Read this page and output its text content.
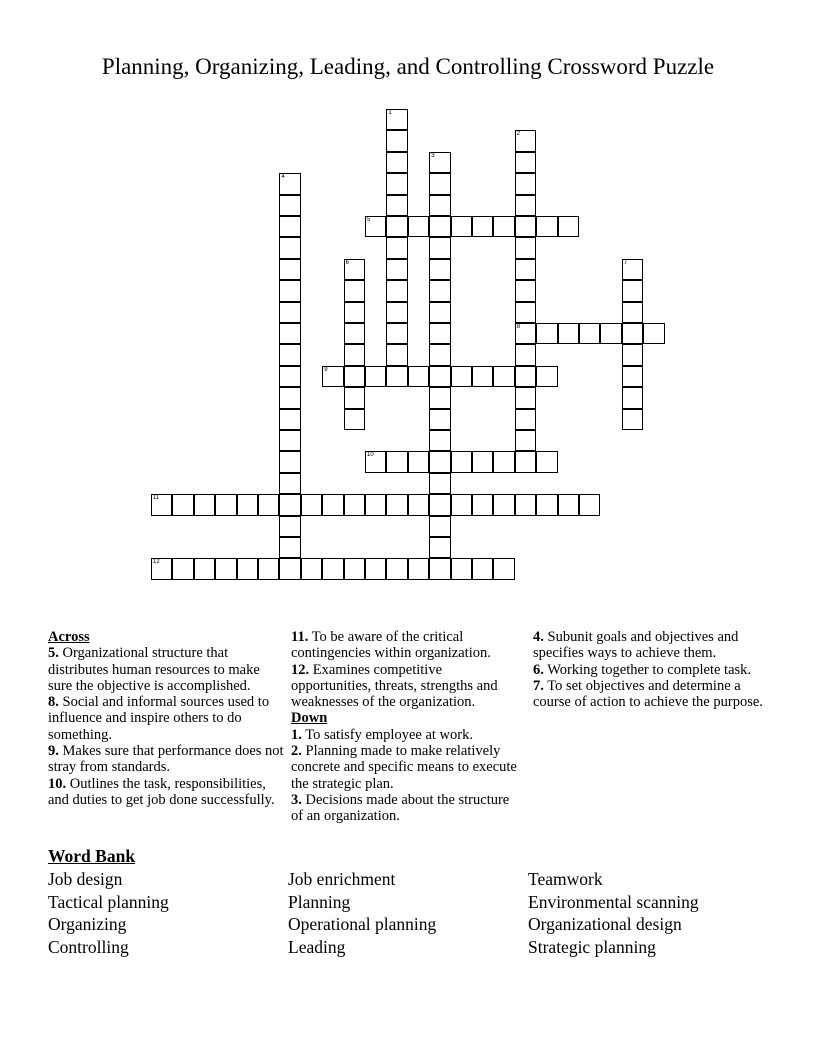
Planning, Organizing, Leading, and Controlling Crossword Puzzle
1
2
8
3
4
5
6	7
9
10
11
12

Across

5. Organizational structure that distributes human resources to make sure the objective is accomplished.

8. Social and informal sources used to influence and inspire others to do something.

9. Makes sure that performance does not stray from standards.

10. Outlines the task, responsibilities, and duties to get job done successfully.

11. To be aware of the critical contingencies within organization.

12. Examines competitive opportunities, threats, strengths and weaknesses of the organization.

Down

1. To satisfy employee at work.

2. Planning made to make relatively concrete and specific means to execute the strategic plan.

3. Decisions made about the structure of an organization.

4. Subunit goals and objectives and specifies ways to achieve them.

6. Working together to complete task.

7. To set objectives and determine a course of action to achieve the purpose.

Word Bank
Job design
Tactical planning
Organizing
Controlling
Job enrichment
Planning
Operational planning
Leading
Teamwork
Environmental scanning
Organizational design
Strategic planning
